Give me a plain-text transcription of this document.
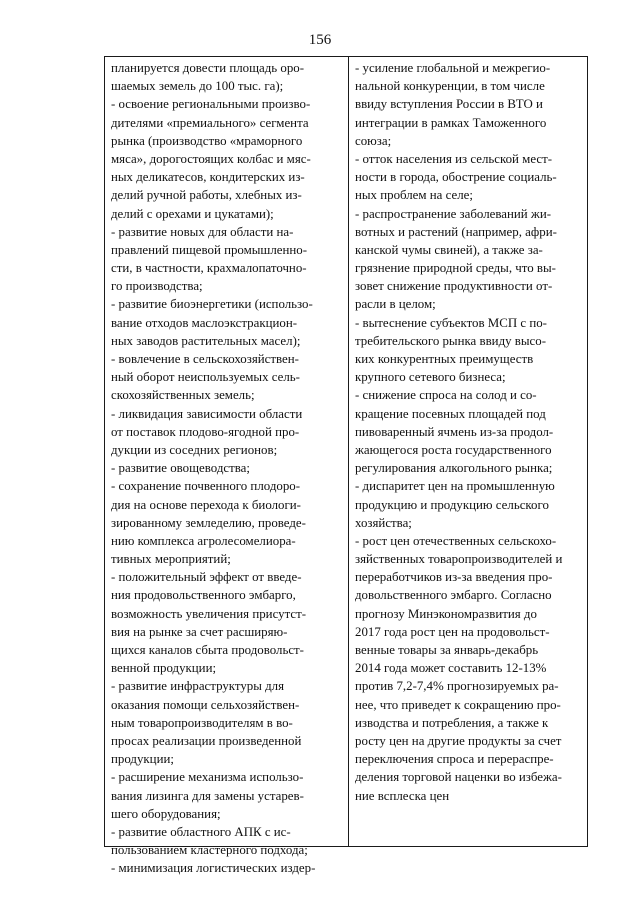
156
планируется довести площадь оро-
шаемых земель до 100 тыс. га);
- освоение региональными произво-
дителями «премиального» сегмента
рынка (производство «мраморного
мяса», дорогостоящих колбас и мяс-
ных деликатесов, кондитерских из-
делий ручной работы, хлебных из-
делий с орехами и цукатами);
- развитие новых для области на-
правлений пищевой промышленно-
сти, в частности, крахмалопаточно-
го производства;
- развитие биоэнергетики (использо-
вание отходов маслоэкстракцион-
ных заводов растительных масел);
- вовлечение в сельскохозяйствен-
ный оборот неиспользуемых сель-
скохозяйственных земель;
- ликвидация зависимости области
от поставок плодово-ягодной про-
дукции из соседних регионов;
- развитие овощеводства;
- сохранение почвенного плодоро-
дия на основе перехода к биологи-
зированному земледелию, проведе-
нию комплекса агролесомелиора-
тивных мероприятий;
- положительный эффект от введе-
ния продовольственного эмбарго,
возможность увеличения присутст-
вия на рынке за счет расширяю-
щихся каналов сбыта продовольст-
венной продукции;
- развитие инфраструктуры для
оказания помощи сельхозяйствен-
ным товаропроизводителям в во-
просах реализации произведенной
продукции;
- расширение механизма использо-
вания лизинга для замены устарев-
шего оборудования;
- развитие областного АПК с ис-
пользованием кластерного подхода;
- минимизация логистических издер-
- усиление глобальной и межрегио-
нальной конкуренции, в том числе
ввиду вступления России в ВТО и
интеграции в рамках Таможенного
союза;
- отток населения из сельской мест-
ности в города, обострение социаль-
ных проблем на селе;
- распространение заболеваний жи-
вотных и растений (например, афри-
канской чумы свиней), а также за-
грязнение природной среды, что вы-
зовет снижение продуктивности от-
расли в целом;
- вытеснение субъектов МСП с по-
требительского рынка ввиду высо-
ких конкурентных преимуществ
крупного сетевого бизнеса;
- снижение спроса на солод и со-
кращение посевных площадей под
пивоваренный ячмень из-за продол-
жающегося роста государственного
регулирования алкогольного рынка;
- диспаритет цен на промышленную
продукцию и продукцию сельского
хозяйства;
- рост цен отечественных сельскохо-
зяйственных товаропроизводителей и
переработчиков из-за введения про-
довольственного эмбарго. Согласно
прогнозу Минэкономразвития до
2017 года рост цен на продовольст-
венные товары за январь-декабрь
2014 года может составить 12-13%
против 7,2-7,4% прогнозируемых ра-
нее, что приведет к сокращению про-
изводства и потребления, а также к
росту цен на другие продукты за счет
переключения спроса и перераспре-
деления торговой наценки во избежа-
ние всплеска цен
